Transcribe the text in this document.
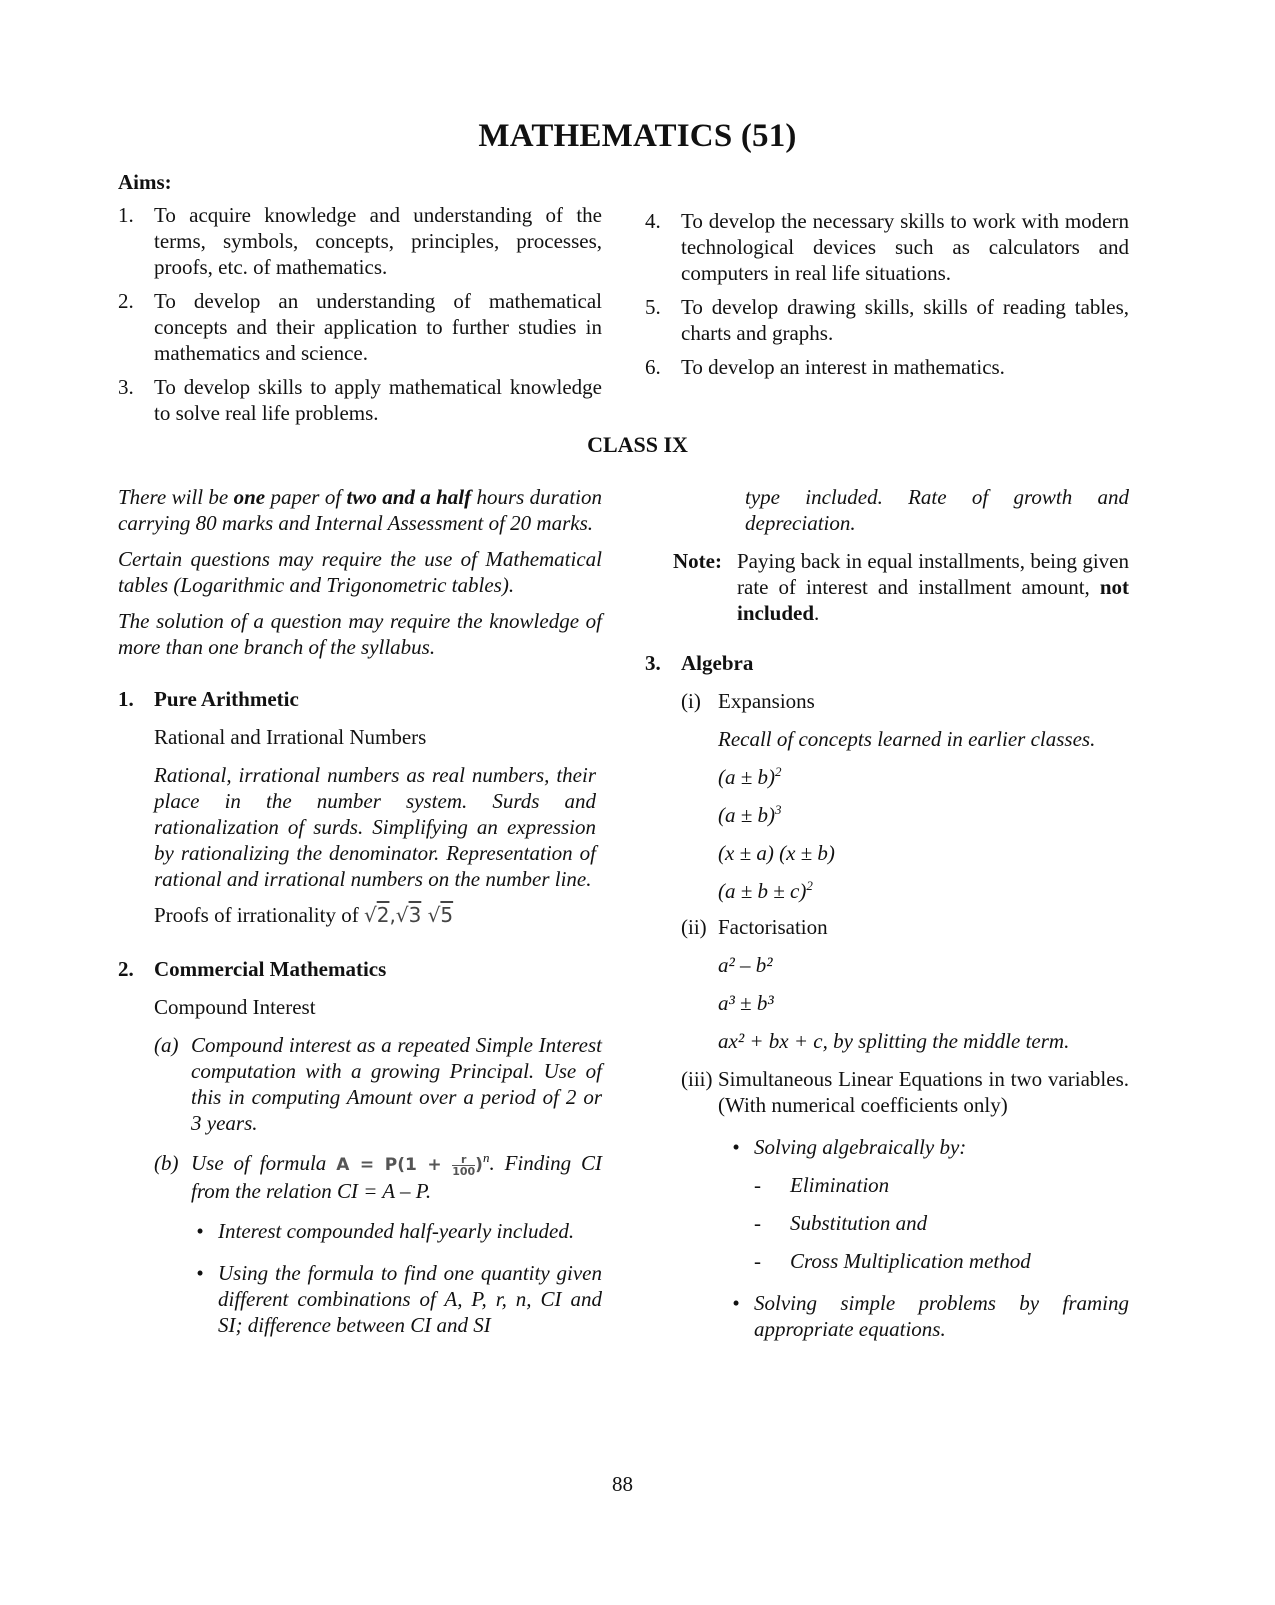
MATHEMATICS (51)
Aims:
1. To acquire knowledge and understanding of the terms, symbols, concepts, principles, processes, proofs, etc. of mathematics.
2. To develop an understanding of mathematical concepts and their application to further studies in mathematics and science.
3. To develop skills to apply mathematical knowledge to solve real life problems.
4. To develop the necessary skills to work with modern technological devices such as calculators and computers in real life situations.
5. To develop drawing skills, skills of reading tables, charts and graphs.
6. To develop an interest in mathematics.
CLASS IX

There will be one paper of two and a half hours duration carrying 80 marks and Internal Assessment of 20 marks.

Certain questions may require the use of Mathematical tables (Logarithmic and Trigonometric tables).

The solution of a question may require the knowledge of more than one branch of the syllabus.

1. Pure Arithmetic
Rational and Irrational Numbers

Rational, irrational numbers as real numbers, their place in the number system. Surds and rationalization of surds. Simplifying an expression by rationalizing the denominator. Representation of rational and irrational numbers on the number line.

Proofs of irrationality of √2,√3 √5
2. Commercial Mathematics
Compound Interest
(a) Compound interest as a repeated Simple Interest computation with a growing Principal. Use of this in computing Amount over a period of 2 or 3 years.
(b) Use of formula $A = P(1 + \frac{r}{100} )^n$. Finding CI from the relation CI = A – P.
• Interest compounded half-yearly included.
• Using the formula to find one quantity given different combinations of A, P, r, n, CI and SI; difference between CI and SI
type included. Rate of growth and depreciation.
Note: Paying back in equal installments, being given rate of interest and installment amount, not included.
3. Algebra
(i) Expansions
Recall of concepts learned in earlier classes.
$(a \pm b)^2$
$(a \pm b)^3$
(x ± a) (x ± b)
$(a \pm b \pm c)^2$
(ii) Factorisation
a² – b²
a³ ± b³
ax² + bx + c, by splitting the middle term.
(iii) Simultaneous Linear Equations in two variables. (With numerical coefficients only)
• Solving algebraically by:
-	Elimination
-	Substitution and
-	Cross Multiplication method
• Solving simple problems by framing appropriate equations.
88
